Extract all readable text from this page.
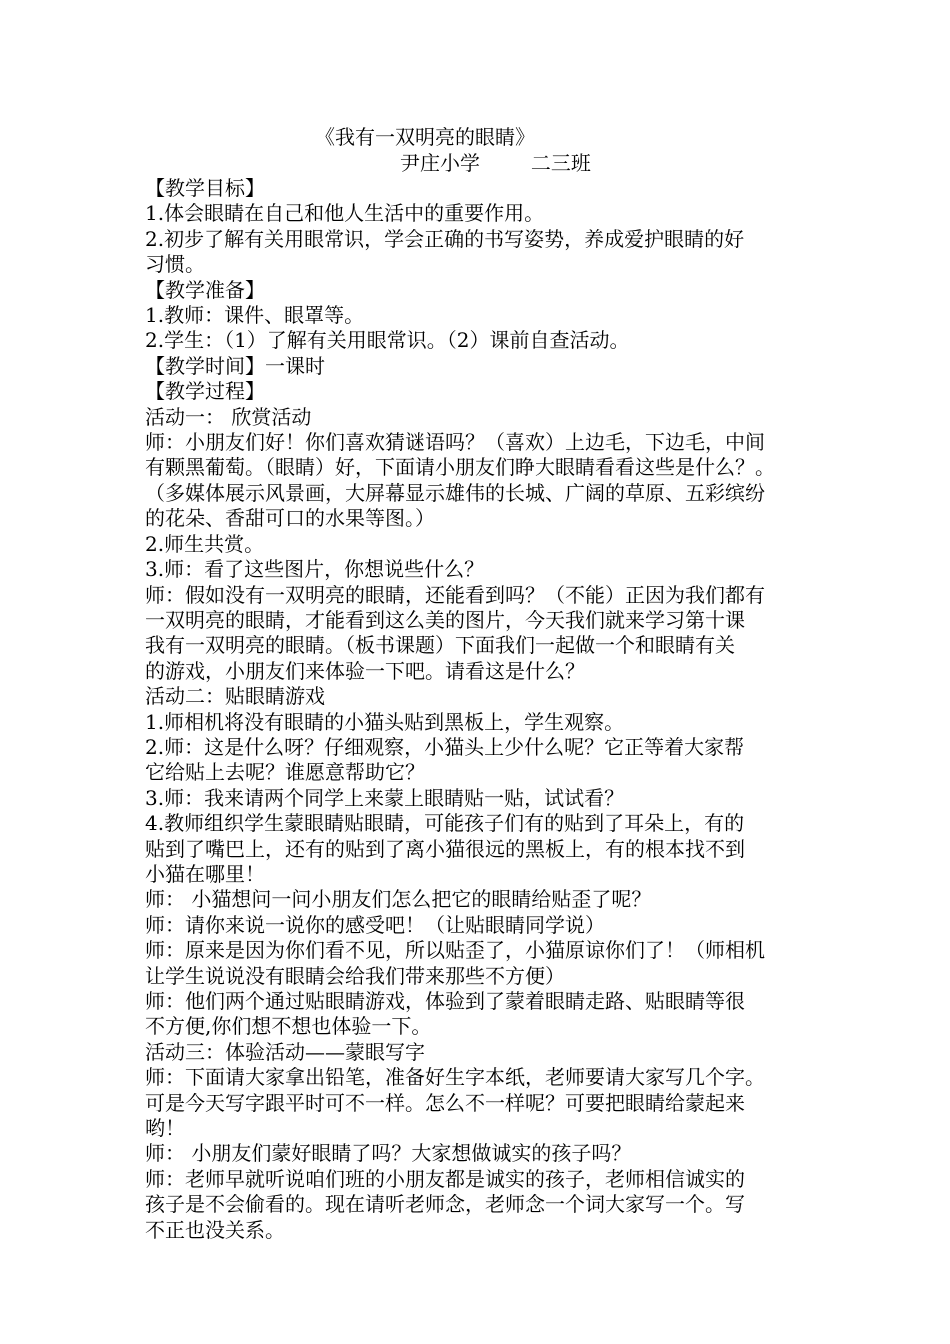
《我有一双明亮的眼睛》
尹庄小学        二三班
【教学目标】
1.体会眼睛在自己和他人生活中的重要作用。
2.初步了解有关用眼常识，学会正确的书写姿势，养成爱护眼睛的好
习惯。
【教学准备】
1.教师：课件、眼罩等。
2.学生：（1）了解有关用眼常识。（2）课前自查活动。
【教学时间】一课时
【教学过程】
活动一： 欣赏活动
师：小朋友们好！你们喜欢猜谜语吗？（喜欢）上边毛，下边毛，中间
有颗黑葡萄。（眼睛）好，下面请小朋友们睁大眼睛看看这些是什么？。
（多媒体展示风景画，大屏幕显示雄伟的长城、广阔的草原、五彩缤纷
的花朵、香甜可口的水果等图。）
2.师生共赏。
3.师：看了这些图片，你想说些什么？
师：假如没有一双明亮的眼睛，还能看到吗？（不能）正因为我们都有
一双明亮的眼睛，才能看到这么美的图片，今天我们就来学习第十课
我有一双明亮的眼睛。（板书课题）下面我们一起做一个和眼睛有关
的游戏，小朋友们来体验一下吧。请看这是什么？
活动二：贴眼睛游戏
1.师相机将没有眼睛的小猫头贴到黑板上，学生观察。
2.师：这是什么呀？仔细观察，小猫头上少什么呢？它正等着大家帮
它给贴上去呢？谁愿意帮助它？
3.师：我来请两个同学上来蒙上眼睛贴一贴，试试看？
4.教师组织学生蒙眼睛贴眼睛，可能孩子们有的贴到了耳朵上，有的
贴到了嘴巴上，还有的贴到了离小猫很远的黑板上，有的根本找不到
小猫在哪里！
师： 小猫想问一问小朋友们怎么把它的眼睛给贴歪了呢？
师：请你来说一说你的感受吧！（让贴眼睛同学说）
师：原来是因为你们看不见，所以贴歪了，小猫原谅你们了！（师相机
让学生说说没有眼睛会给我们带来那些不方便）
师：他们两个通过贴眼睛游戏，体验到了蒙着眼睛走路、贴眼睛等很
不方便,你们想不想也体验一下。
活动三：体验活动——蒙眼写字
师：下面请大家拿出铅笔，准备好生字本纸，老师要请大家写几个字。
可是今天写字跟平时可不一样。怎么不一样呢？可要把眼睛给蒙起来
哟！
师： 小朋友们蒙好眼睛了吗？大家想做诚实的孩子吗？
师：老师早就听说咱们班的小朋友都是诚实的孩子，老师相信诚实的
孩子是不会偷看的。现在请听老师念，老师念一个词大家写一个。写
不正也没关系。
